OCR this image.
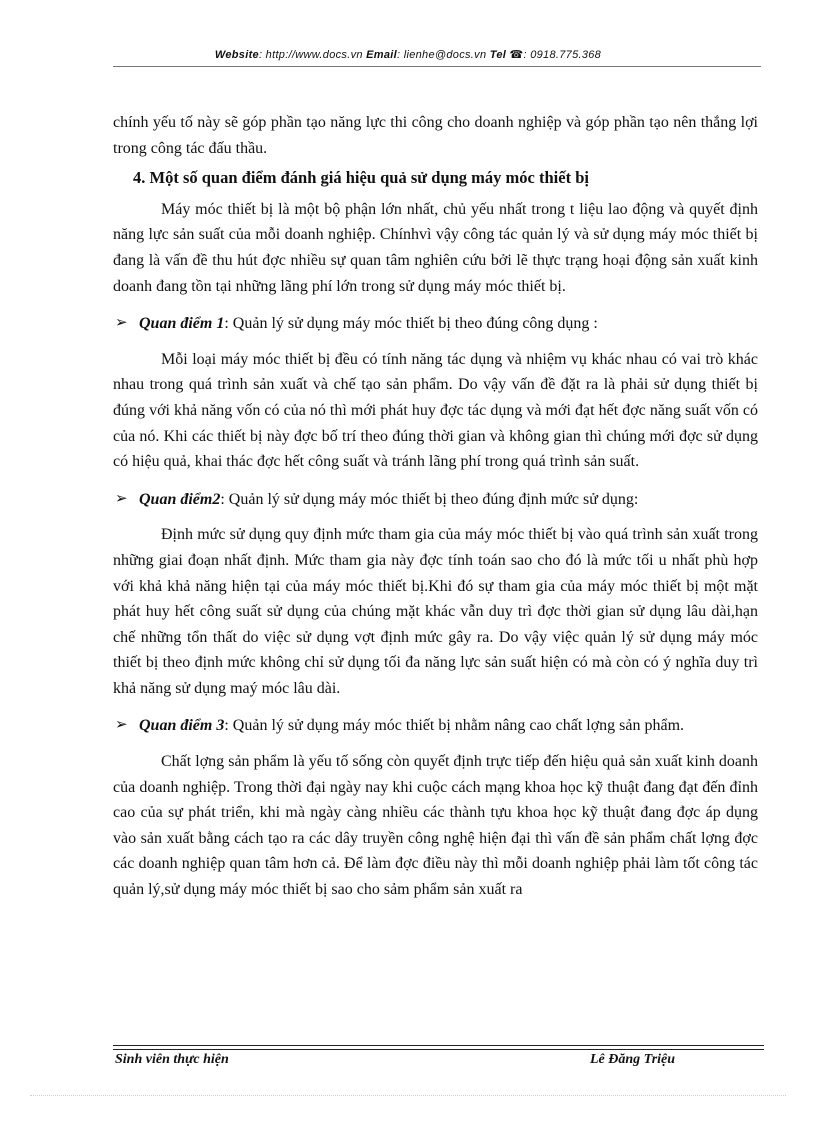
Website: http://www.docs.vn Email: lienhe@docs.vn Tel ☎: 0918.775.368

chính yếu tố này sẽ góp phần tạo năng lực thi công cho doanh nghiệp và góp phần tạo nên thắng lợi trong công tác đấu thầu.

4. Một số quan điểm đánh giá hiệu quả sử dụng máy móc thiết bị

Máy móc thiết bị là một bộ phận lớn nhất, chủ yếu nhất trong t liệu lao động và quyết định năng lực sản suất của mỗi doanh nghiệp. Chínhvì vậy công tác quản lý và sử dụng máy móc thiết bị đang là vấn đề thu hút đợc nhiều sự quan tâm nghiên cứu bởi lẽ thực trạng hoại động sản xuất kinh doanh đang tồn tại những lãng phí lớn trong sử dụng máy móc thiết bị.

➢ Quan điểm 1: Quản lý sử dụng máy móc thiết bị theo đúng công dụng :

Mỗi loại máy móc thiết bị đều có tính năng tác dụng và nhiệm vụ khác nhau có vai trò khác nhau trong quá trình sản xuất và chế tạo sản phẩm. Do vậy vấn đề đặt ra là phải sử dụng thiết bị đúng với khả năng vốn có của nó thì mới phát huy đợc tác dụng và mới đạt hết đợc năng suất vốn có của nó. Khi các thiết bị này đợc bố trí theo đúng thời gian và không gian thì chúng mới đợc sử dụng có hiệu quả, khai thác đợc hết công suất và tránh lãng phí trong quá trình sản suất.

➢ Quan điểm2: Quản lý sử dụng máy móc thiết bị theo đúng định mức sử dụng:

Định mức sử dụng quy định mức tham gia của máy móc thiết bị vào quá trình sản xuất trong những giai đoạn nhất định. Mức tham gia này đợc tính toán sao cho đó là mức tối u nhất phù hợp với khả khả năng hiện tại của máy móc thiết bị.Khi đó sự tham gia của máy móc thiết bị một mặt phát huy hết công suất sử dụng của chúng mặt khác vẫn duy trì đợc thời gian sử dụng lâu dài,hạn chế những tổn thất do việc sử dụng vợt định mức gây ra. Do vậy việc quản lý sử dụng máy móc thiết bị theo định mức không chỉ sử dụng tối đa năng lực sản suất hiện có mà còn có ý nghĩa duy trì khả năng sử dụng maý móc lâu dài.

➢ Quan điểm 3: Quản lý sử dụng máy móc thiết bị nhằm nâng cao chất lợng sản phẩm.

Chất lợng sản phẩm là yếu tố sống còn quyết định trực tiếp đến hiệu quả sản xuất kinh doanh của doanh nghiệp. Trong thời đại ngày nay khi cuộc cách mạng khoa học kỹ thuật đang đạt đến đỉnh cao của sự phát triển, khi mà ngày càng nhiều các thành tựu khoa học kỹ thuật đang đợc áp dụng vào sản xuất bằng cách tạo ra các dây truyền công nghệ hiện đại thì vấn đề sản phẩm chất lợng đợc các doanh nghiệp quan tâm hơn cả. Để làm đợc điều này thì mỗi doanh nghiệp phải làm tốt công tác quản lý,sử dụng máy móc thiết bị sao cho sảm phẩm sản xuất ra

Sinh viên thực hiện	Lê Đăng Triệu
